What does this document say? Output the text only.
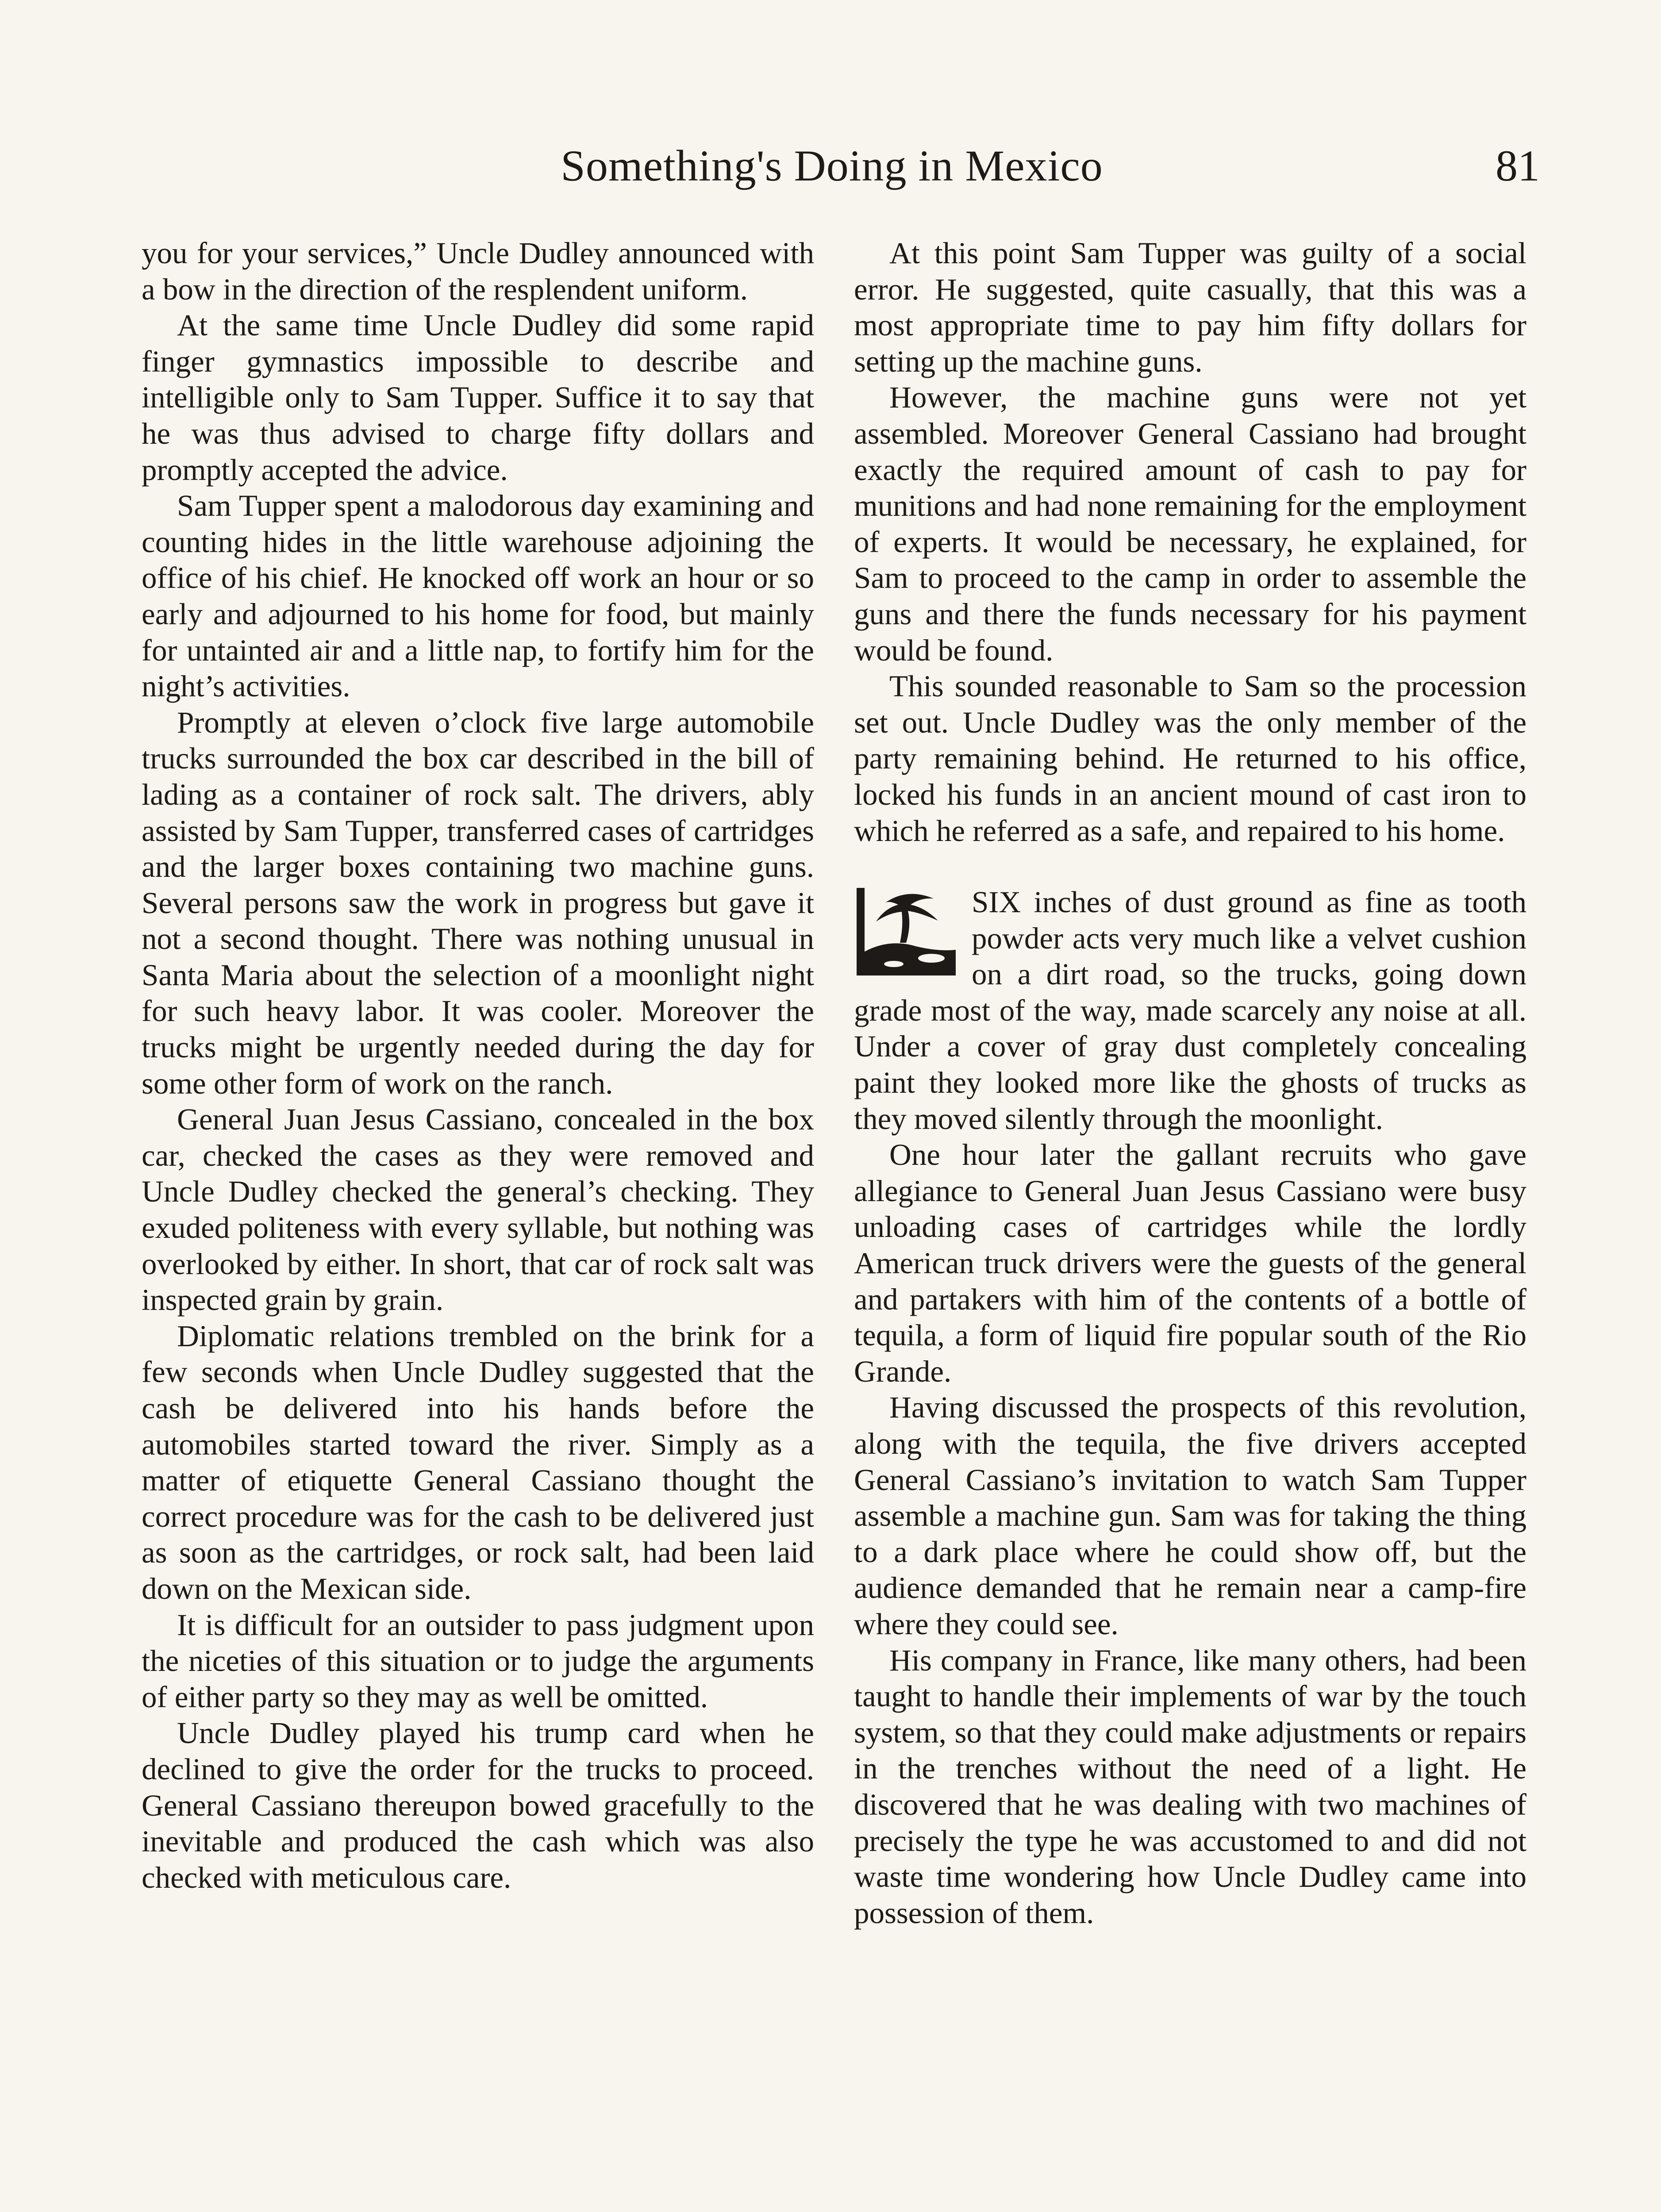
Something's Doing in Mexico	81

you for your services,” Uncle Dudley announced with a bow in the direction of the resplendent uniform.

At the same time Uncle Dudley did some rapid finger gymnastics impossible to describe and intelligible only to Sam Tupper. Suffice it to say that he was thus advised to charge fifty dollars and promptly accepted the advice.

Sam Tupper spent a malodorous day examining and counting hides in the little warehouse adjoining the office of his chief. He knocked off work an hour or so early and adjourned to his home for food, but mainly for untainted air and a little nap, to fortify him for the night’s activities.

Promptly at eleven o’clock five large automobile trucks surrounded the box car described in the bill of lading as a container of rock salt. The drivers, ably assisted by Sam Tupper, transferred cases of cartridges and the larger boxes containing two machine guns. Several persons saw the work in progress but gave it not a second thought. There was nothing unusual in Santa Maria about the selection of a moonlight night for such heavy labor. It was cooler. Moreover the trucks might be urgently needed during the day for some other form of work on the ranch.

General Juan Jesus Cassiano, concealed in the box car, checked the cases as they were removed and Uncle Dudley checked the general’s checking. They exuded politeness with every syllable, but nothing was overlooked by either. In short, that car of rock salt was inspected grain by grain.

Diplomatic relations trembled on the brink for a few seconds when Uncle Dudley suggested that the cash be delivered into his hands before the automobiles started toward the river. Simply as a matter of etiquette General Cassiano thought the correct procedure was for the cash to be delivered just as soon as the cartridges, or rock salt, had been laid down on the Mexican side.

It is difficult for an outsider to pass judgment upon the niceties of this situation or to judge the arguments of either party so they may as well be omitted.

Uncle Dudley played his trump card when he declined to give the order for the trucks to proceed. General Cassiano thereupon bowed gracefully to the inevitable and produced the cash which was also checked with meticulous care.

At this point Sam Tupper was guilty of a social error. He suggested, quite casually, that this was a most appropriate time to pay him fifty dollars for setting up the machine guns.

However, the machine guns were not yet assembled. Moreover General Cassiano had brought exactly the required amount of cash to pay for munitions and had none remaining for the employment of experts. It would be necessary, he explained, for Sam to proceed to the camp in order to assemble the guns and there the funds necessary for his payment would be found.

This sounded reasonable to Sam so the procession set out. Uncle Dudley was the only member of the party remaining behind. He returned to his office, locked his funds in an ancient mound of cast iron to which he referred as a safe, and repaired to his home.

SIX inches of dust ground as fine as tooth powder acts very much like a velvet cushion on a dirt road, so the trucks, going down grade most of the way, made scarcely any noise at all. Under a cover of gray dust completely concealing paint they looked more like the ghosts of trucks as they moved silently through the moonlight.

One hour later the gallant recruits who gave allegiance to General Juan Jesus Cassiano were busy unloading cases of cartridges while the lordly American truck drivers were the guests of the general and partakers with him of the contents of a bottle of tequila, a form of liquid fire popular south of the Rio Grande.

Having discussed the prospects of this revolution, along with the tequila, the five drivers accepted General Cassiano’s invitation to watch Sam Tupper assemble a machine gun. Sam was for taking the thing to a dark place where he could show off, but the audience demanded that he remain near a camp-fire where they could see.

His company in France, like many others, had been taught to handle their implements of war by the touch system, so that they could make adjustments or repairs in the trenches without the need of a light. He discovered that he was dealing with two machines of precisely the type he was accustomed to and did not waste time wondering how Uncle Dudley came into possession of them.
